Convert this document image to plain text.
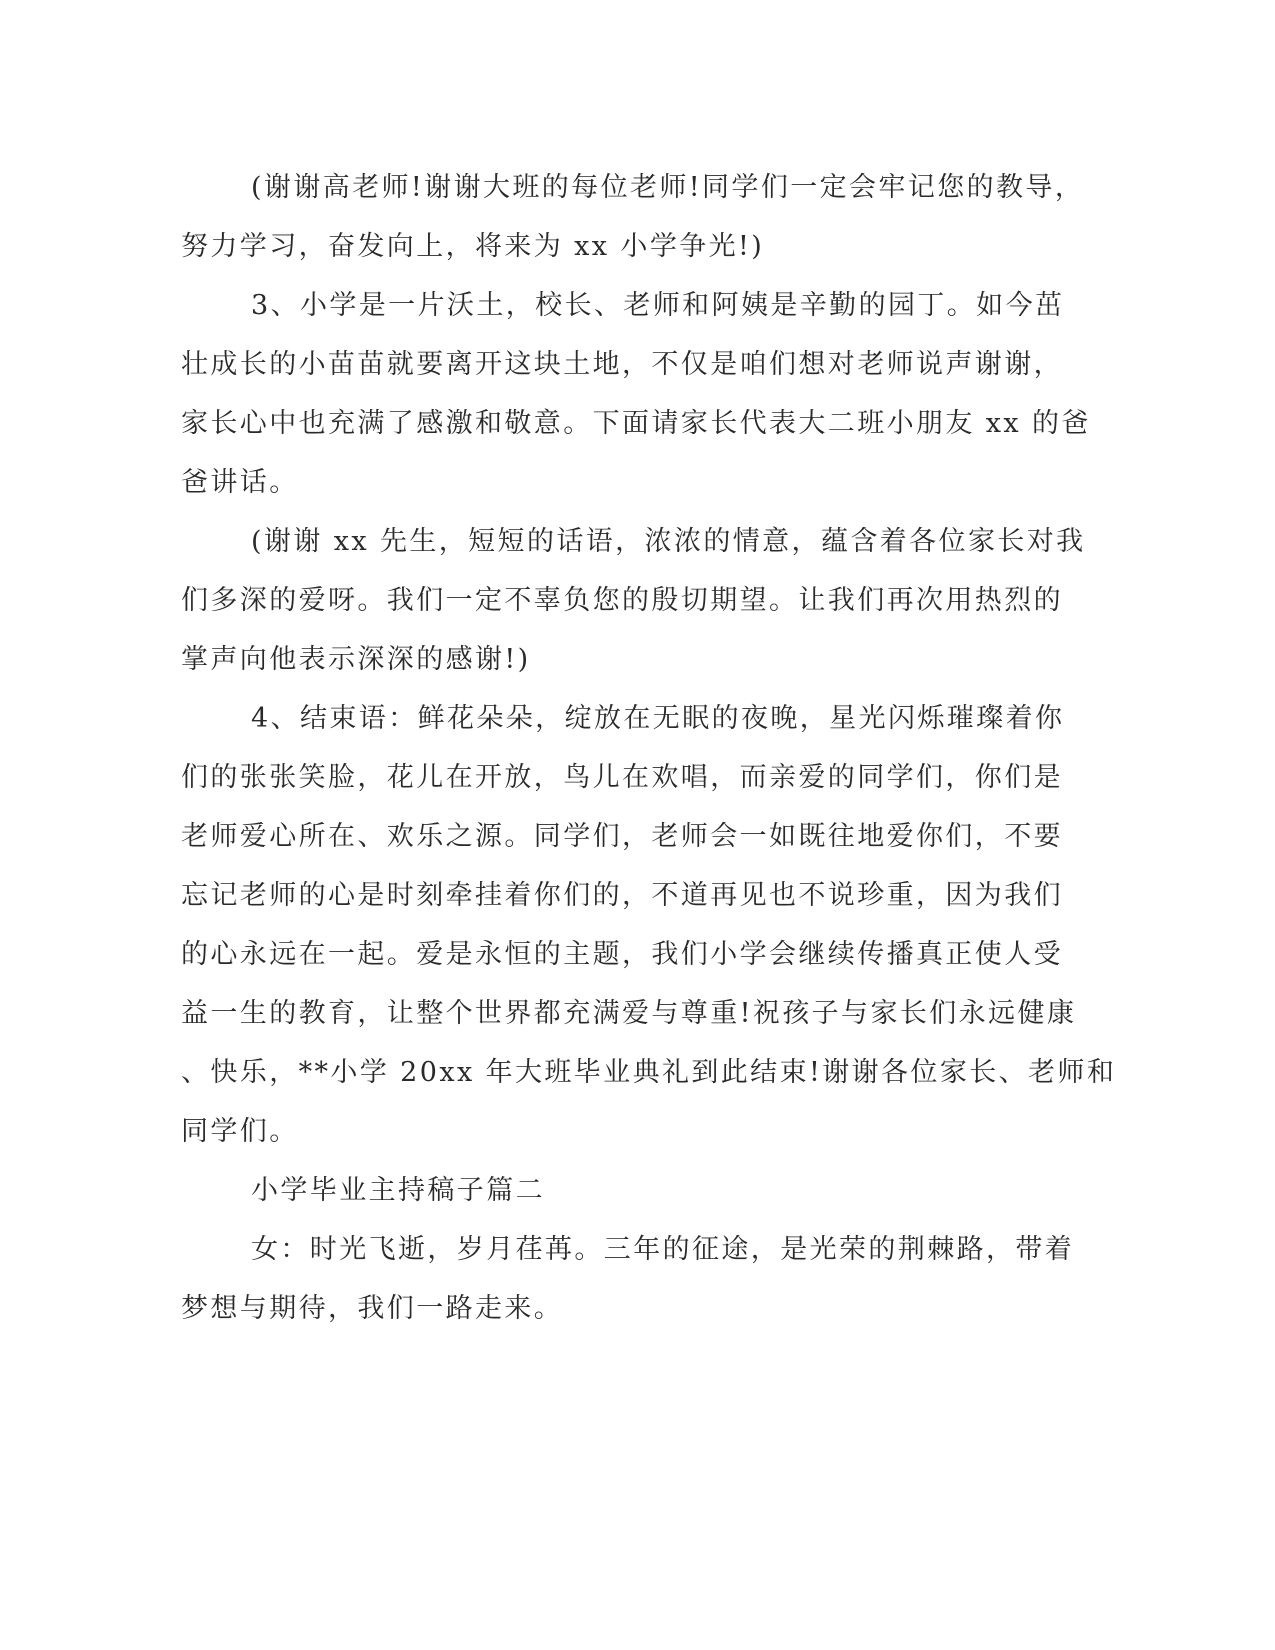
(谢谢高老师!谢谢大班的每位老师!同学们一定会牢记您的教导，
努力学习，奋发向上，将来为 xx 小学争光!)
3、小学是一片沃土，校长、老师和阿姨是辛勤的园丁。如今茁
壮成长的小苗苗就要离开这块土地，不仅是咱们想对老师说声谢谢，
家长心中也充满了感激和敬意。下面请家长代表大二班小朋友 xx 的爸
爸讲话。
(谢谢 xx 先生，短短的话语，浓浓的情意，蕴含着各位家长对我
们多深的爱呀。我们一定不辜负您的殷切期望。让我们再次用热烈的
掌声向他表示深深的感谢!)
4、结束语：鲜花朵朵，绽放在无眠的夜晚，星光闪烁璀璨着你
们的张张笑脸，花儿在开放，鸟儿在欢唱，而亲爱的同学们，你们是
老师爱心所在、欢乐之源。同学们，老师会一如既往地爱你们，不要
忘记老师的心是时刻牵挂着你们的，不道再见也不说珍重，因为我们
的心永远在一起。爱是永恒的主题，我们小学会继续传播真正使人受
益一生的教育，让整个世界都充满爱与尊重!祝孩子与家长们永远健康
、快乐，**小学 20xx 年大班毕业典礼到此结束!谢谢各位家长、老师和
同学们。
小学毕业主持稿子篇二
女：时光飞逝，岁月荏苒。三年的征途，是光荣的荆棘路，带着
梦想与期待，我们一路走来。
